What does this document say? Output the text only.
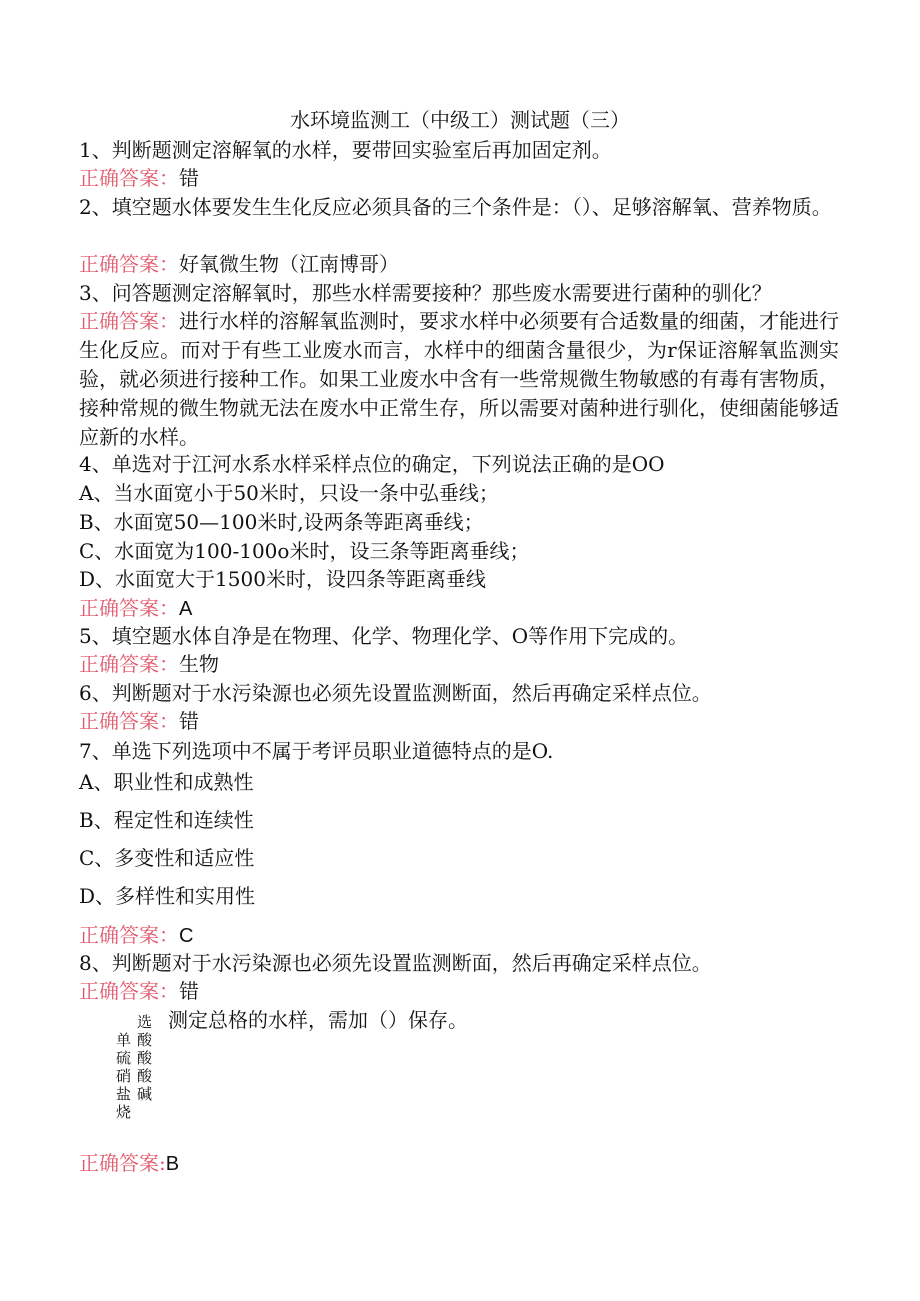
水环境监测工（中级工）测试题（三）
1、判断题测定溶解氧的水样，要带回实验室后再加固定剂。
正确答案：错
2、填空题水体要发生生化反应必须具备的三个条件是：（）、足够溶解氧、营养物质。
正确答案：好氧微生物（江南博哥）
3、问答题测定溶解氧时，那些水样需要接种？那些废水需要进行菌种的驯化？
正确答案：进行水样的溶解氧监测时，要求水样中必须要有合适数量的细菌，才能进行生化反应。而对于有些工业废水而言，水样中的细菌含量很少，为r保证溶解氧监测实验，就必须进行接种工作。如果工业废水中含有一些常规微生物敏感的有毒有害物质，接种常规的微生物就无法在废水中正常生存，所以需要对菌种进行驯化，使细菌能够适应新的水样。
4、单选对于江河水系水样采样点位的确定，下列说法正确的是OO
A、当水面宽小于50米时，只设一条中弘垂线；
B、水面宽50—100米时,设两条等距离垂线；
C、水面宽为100-100o米时，设三条等距离垂线；
D、水面宽大于1500米时，设四条等距离垂线
正确答案：A
5、填空题水体自净是在物理、化学、物理化学、O等作用下完成的。
正确答案：生物
6、判断题对于水污染源也必须先设置监测断面，然后再确定采样点位。
正确答案：错
7、单选下列选项中不属于考评员职业道德特点的是O.
A、职业性和成熟性
B、程定性和连续性
C、多变性和适应性
D、多样性和实用性
正确答案：C
8、判断题对于水污染源也必须先设置监测断面，然后再确定采样点位。
正确答案：错
单硫硝盐烧
选酸酸酸碱
测定总格的水样，需加（）保存。
正确答案:B
